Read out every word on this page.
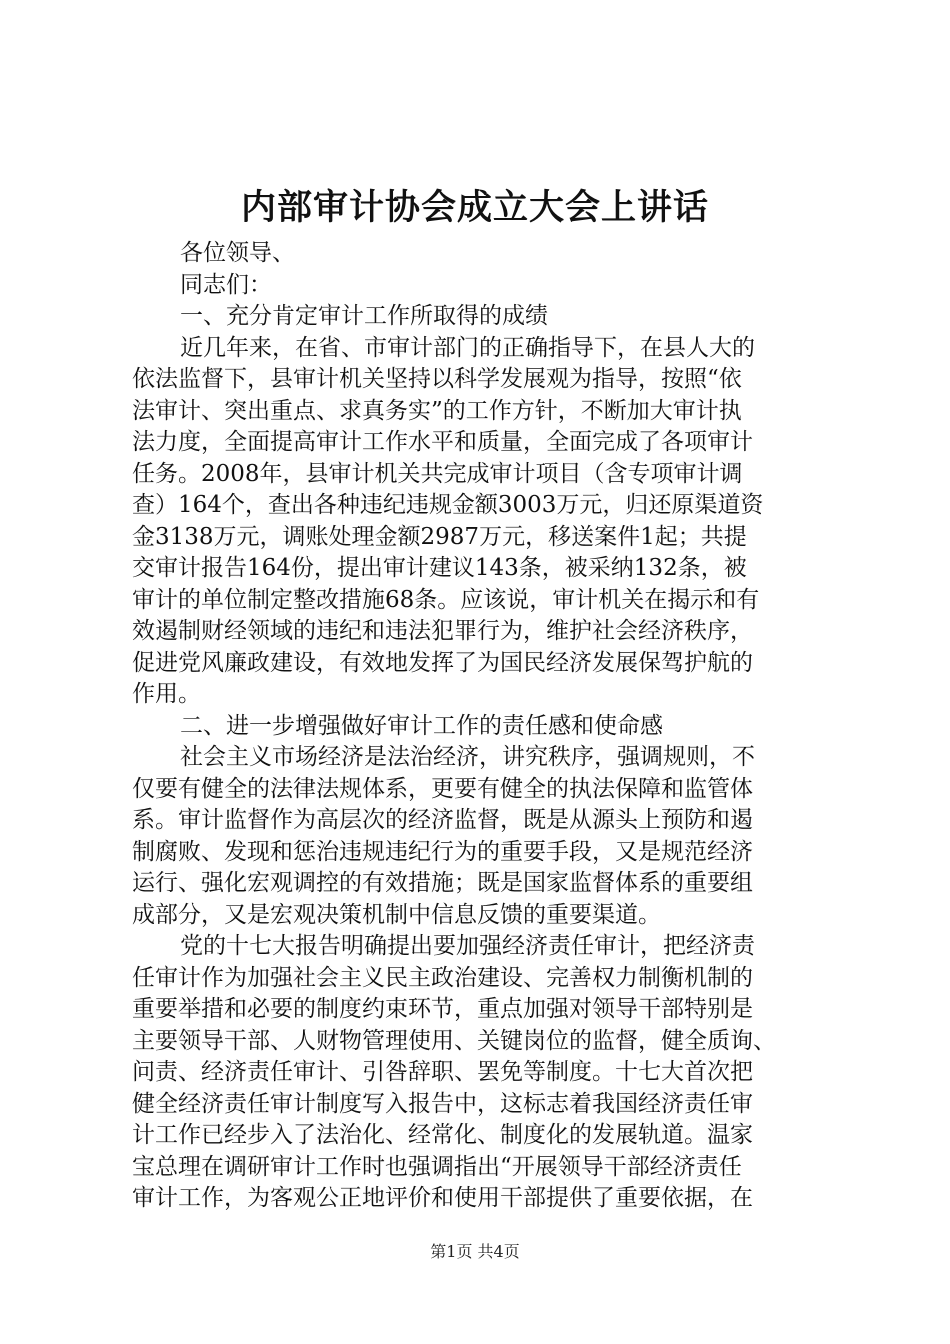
内部审计协会成立大会上讲话
各位领导、
同志们：
一、充分肯定审计工作所取得的成绩
近几年来，在省、市审计部门的正确指导下，在县人大的
依法监督下，县审计机关坚持以科学发展观为指导，按照“依
法审计、突出重点、求真务实”的工作方针，不断加大审计执
法力度，全面提高审计工作水平和质量，全面完成了各项审计
任务。2008年，县审计机关共完成审计项目（含专项审计调
查）164个，查出各种违纪违规金额3003万元，归还原渠道资
金3138万元，调账处理金额2987万元，移送案件1起；共提
交审计报告164份，提出审计建议143条，被采纳132条，被
审计的单位制定整改措施68条。应该说，审计机关在揭示和有
效遏制财经领域的违纪和违法犯罪行为，维护社会经济秩序，
促进党风廉政建设，有效地发挥了为国民经济发展保驾护航的
作用。
二、进一步增强做好审计工作的责任感和使命感
社会主义市场经济是法治经济，讲究秩序，强调规则，不
仅要有健全的法律法规体系，更要有健全的执法保障和监管体
系。审计监督作为高层次的经济监督，既是从源头上预防和遏
制腐败、发现和惩治违规违纪行为的重要手段，又是规范经济
运行、强化宏观调控的有效措施；既是国家监督体系的重要组
成部分，又是宏观决策机制中信息反馈的重要渠道。
党的十七大报告明确提出要加强经济责任审计，把经济责
任审计作为加强社会主义民主政治建设、完善权力制衡机制的
重要举措和必要的制度约束环节，重点加强对领导干部特别是
主要领导干部、人财物管理使用、关键岗位的监督，健全质询、
问责、经济责任审计、引咎辞职、罢免等制度。十七大首次把
健全经济责任审计制度写入报告中，这标志着我国经济责任审
计工作已经步入了法治化、经常化、制度化的发展轨道。温家
宝总理在调研审计工作时也强调指出“开展领导干部经济责任
审计工作，为客观公正地评价和使用干部提供了重要依据，在
第1页 共4页
